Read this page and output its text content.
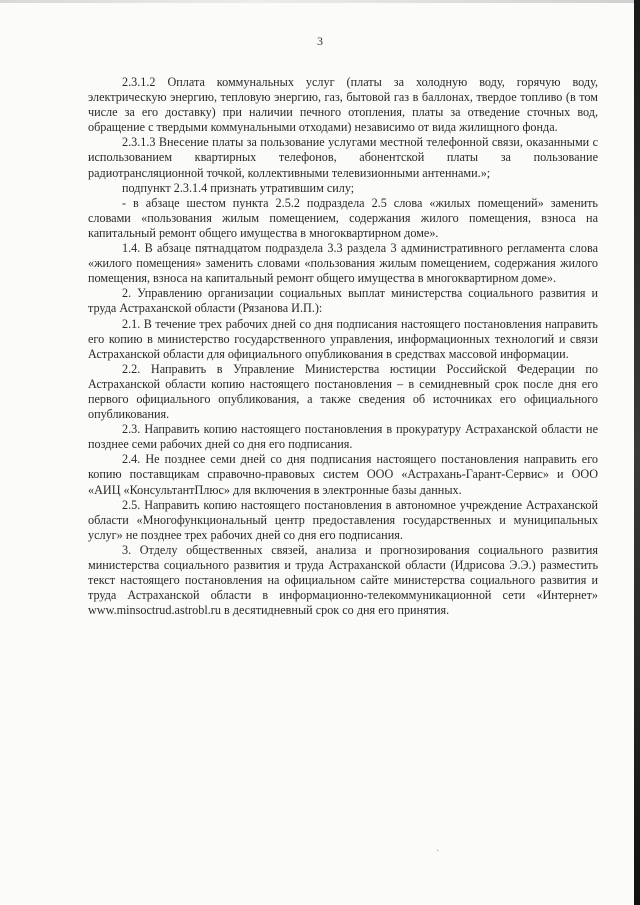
3

2.3.1.2 Оплата коммунальных услуг (платы за холодную воду, горячую воду, электрическую энергию, тепловую энергию, газ, бытовой газ в баллонах, твердое топливо (в том числе за его доставку) при наличии печного отопления, платы за отведение сточных вод, обращение с твердыми коммунальными отходами) независимо от вида жилищного фонда.

2.3.1.3 Внесение платы за пользование услугами местной телефонной связи, оказанными с использованием квартирных телефонов, абонентской платы за пользование радиотрансляционной точкой, коллективными телевизионными антеннами.»;

подпункт 2.3.1.4 признать утратившим силу;

- в абзаце шестом пункта 2.5.2 подраздела 2.5 слова «жилых помещений» заменить словами «пользования жилым помещением, содержания жилого помещения, взноса на капитальный ремонт общего имущества в многоквартирном доме».

1.4. В абзаце пятнадцатом подраздела 3.3 раздела 3 административного регламента слова «жилого помещения» заменить словами «пользования жилым помещением, содержания жилого помещения, взноса на капитальный ремонт общего имущества в многоквартирном доме».

2. Управлению организации социальных выплат министерства социального развития и труда Астраханской области (Рязанова И.П.):

2.1. В течение трех рабочих дней со дня подписания настоящего постановления направить его копию в министерство государственного управления, информационных технологий и связи Астраханской области для официального опубликования в средствах массовой информации.

2.2. Направить в Управление Министерства юстиции Российской Федерации по Астраханской области копию настоящего постановления – в семидневный срок после дня его первого официального опубликования, а также сведения об источниках его официального опубликования.

2.3. Направить копию настоящего постановления в прокуратуру Астраханской области не позднее семи рабочих дней со дня его подписания.

2.4. Не позднее семи дней со дня подписания настоящего постановления направить его копию поставщикам справочно-правовых систем ООО «Астрахань-Гарант-Сервис» и ООО «АИЦ «КонсультантПлюс» для включения в электронные базы данных.

2.5. Направить копию настоящего постановления в автономное учреждение Астраханской области «Многофункциональный центр предоставления государственных и муниципальных услуг» не позднее трех рабочих дней со дня его подписания.

3. Отделу общественных связей, анализа и прогнозирования социального развития министерства социального развития и труда Астраханской области (Идрисова Э.Э.) разместить текст настоящего постановления на официальном сайте министерства социального развития и труда Астраханской области в информационно-телекоммуникационной сети «Интернет» www.minsoctrud.astrobl.ru в десятидневный срок со дня его принятия.

·
